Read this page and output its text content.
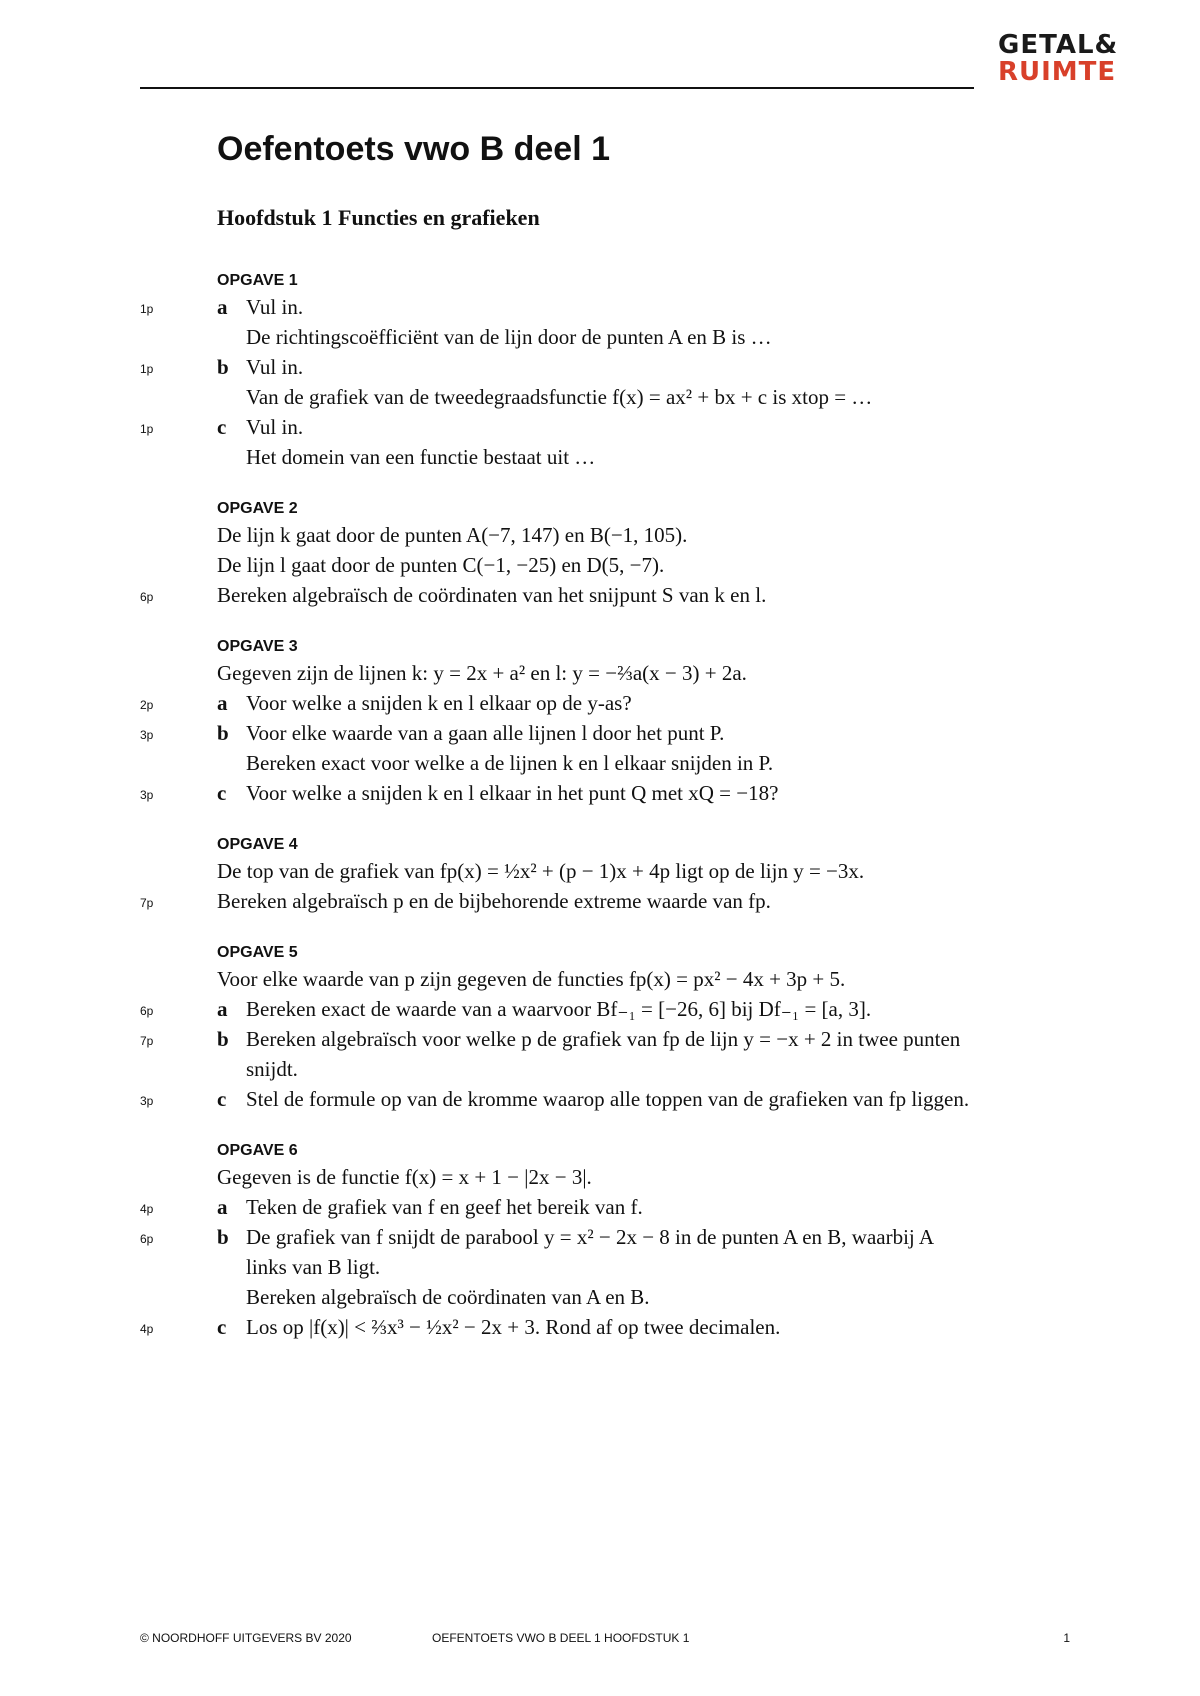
GETAL&
RUIMTE
Oefentoets vwo B deel 1
Hoofdstuk 1 Functies en grafieken
OPGAVE 1
1p	a Vul in.
De richtingscoëfficiënt van de lijn door de punten A en B is …
1p	b Vul in.
Van de grafiek van de tweedegraadsfunctie f(x) = ax² + bx + c is xtop = …
1p	c Vul in.
Het domein van een functie bestaat uit …
OPGAVE 2
De lijn k gaat door de punten A(−7, 147) en B(−1, 105).
De lijn l gaat door de punten C(−1, −25) en D(5, −7).
6p	Bereken algebraïsch de coördinaten van het snijpunt S van k en l.
OPGAVE 3
Gegeven zijn de lijnen k: y = 2x + a² en l: y = −⅔a(x − 3) + 2a.
2p	a Voor welke a snijden k en l elkaar op de y-as?
3p	b Voor elke waarde van a gaan alle lijnen l door het punt P.
Bereken exact voor welke a de lijnen k en l elkaar snijden in P.
3p	c Voor welke a snijden k en l elkaar in het punt Q met xQ = −18?
OPGAVE 4
De top van de grafiek van fp(x) = ½x² + (p − 1)x + 4p ligt op de lijn y = −3x.
7p	Bereken algebraïsch p en de bijbehorende extreme waarde van fp.
OPGAVE 5
Voor elke waarde van p zijn gegeven de functies fp(x) = px² − 4x + 3p + 5.
6p	a Bereken exact de waarde van a waarvoor Bf₋₁ = [−26, 6] bij Df₋₁ = [a, 3].
7p	b Bereken algebraïsch voor welke p de grafiek van fp de lijn y = −x + 2 in twee punten
snijdt.
3p	c Stel de formule op van de kromme waarop alle toppen van de grafieken van fp liggen.
OPGAVE 6
Gegeven is de functie f(x) = x + 1 − |2x − 3|.
4p	a Teken de grafiek van f en geef het bereik van f.
6p	b De grafiek van f snijdt de parabool y = x² − 2x − 8 in de punten A en B, waarbij A
links van B ligt.
Bereken algebraïsch de coördinaten van A en B.
4p	c Los op |f(x)| < ⅔x³ − ½x² − 2x + 3. Rond af op twee decimalen.
© NOORDHOFF UITGEVERS BV 2020	OEFENTOETS VWO B DEEL 1 HOOFDSTUK 1	1
